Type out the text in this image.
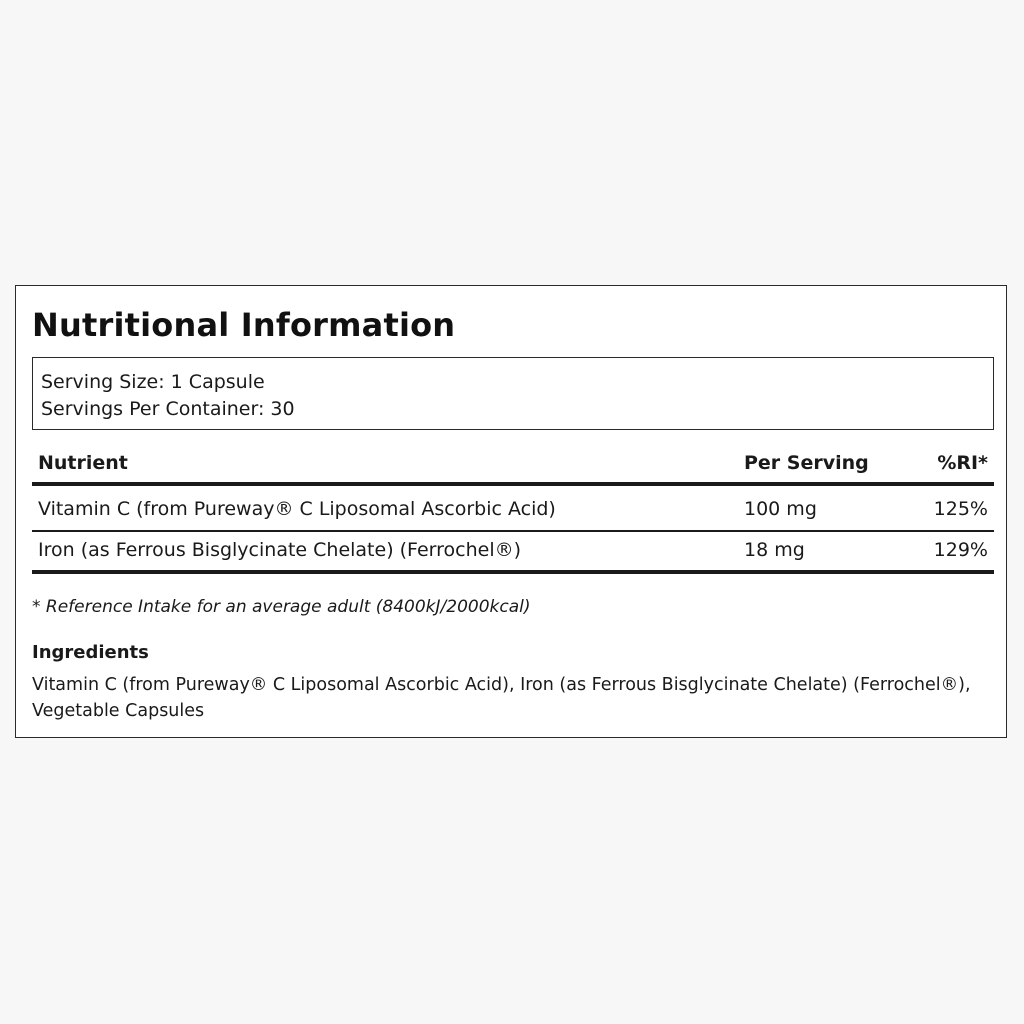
Nutritional Information
Serving Size: 1 Capsule
Servings Per Container: 30
Nutrient	Per Serving	%RI*
Vitamin C (from Pureway® C Liposomal Ascorbic Acid)	100 mg	125%
Iron (as Ferrous Bisglycinate Chelate) (Ferrochel®)	18 mg	129%
* Reference Intake for an average adult (8400kJ/2000kcal)
Ingredients
Vitamin C (from Pureway® C Liposomal Ascorbic Acid), Iron (as Ferrous Bisglycinate Chelate) (Ferrochel®), Vegetable Capsules
